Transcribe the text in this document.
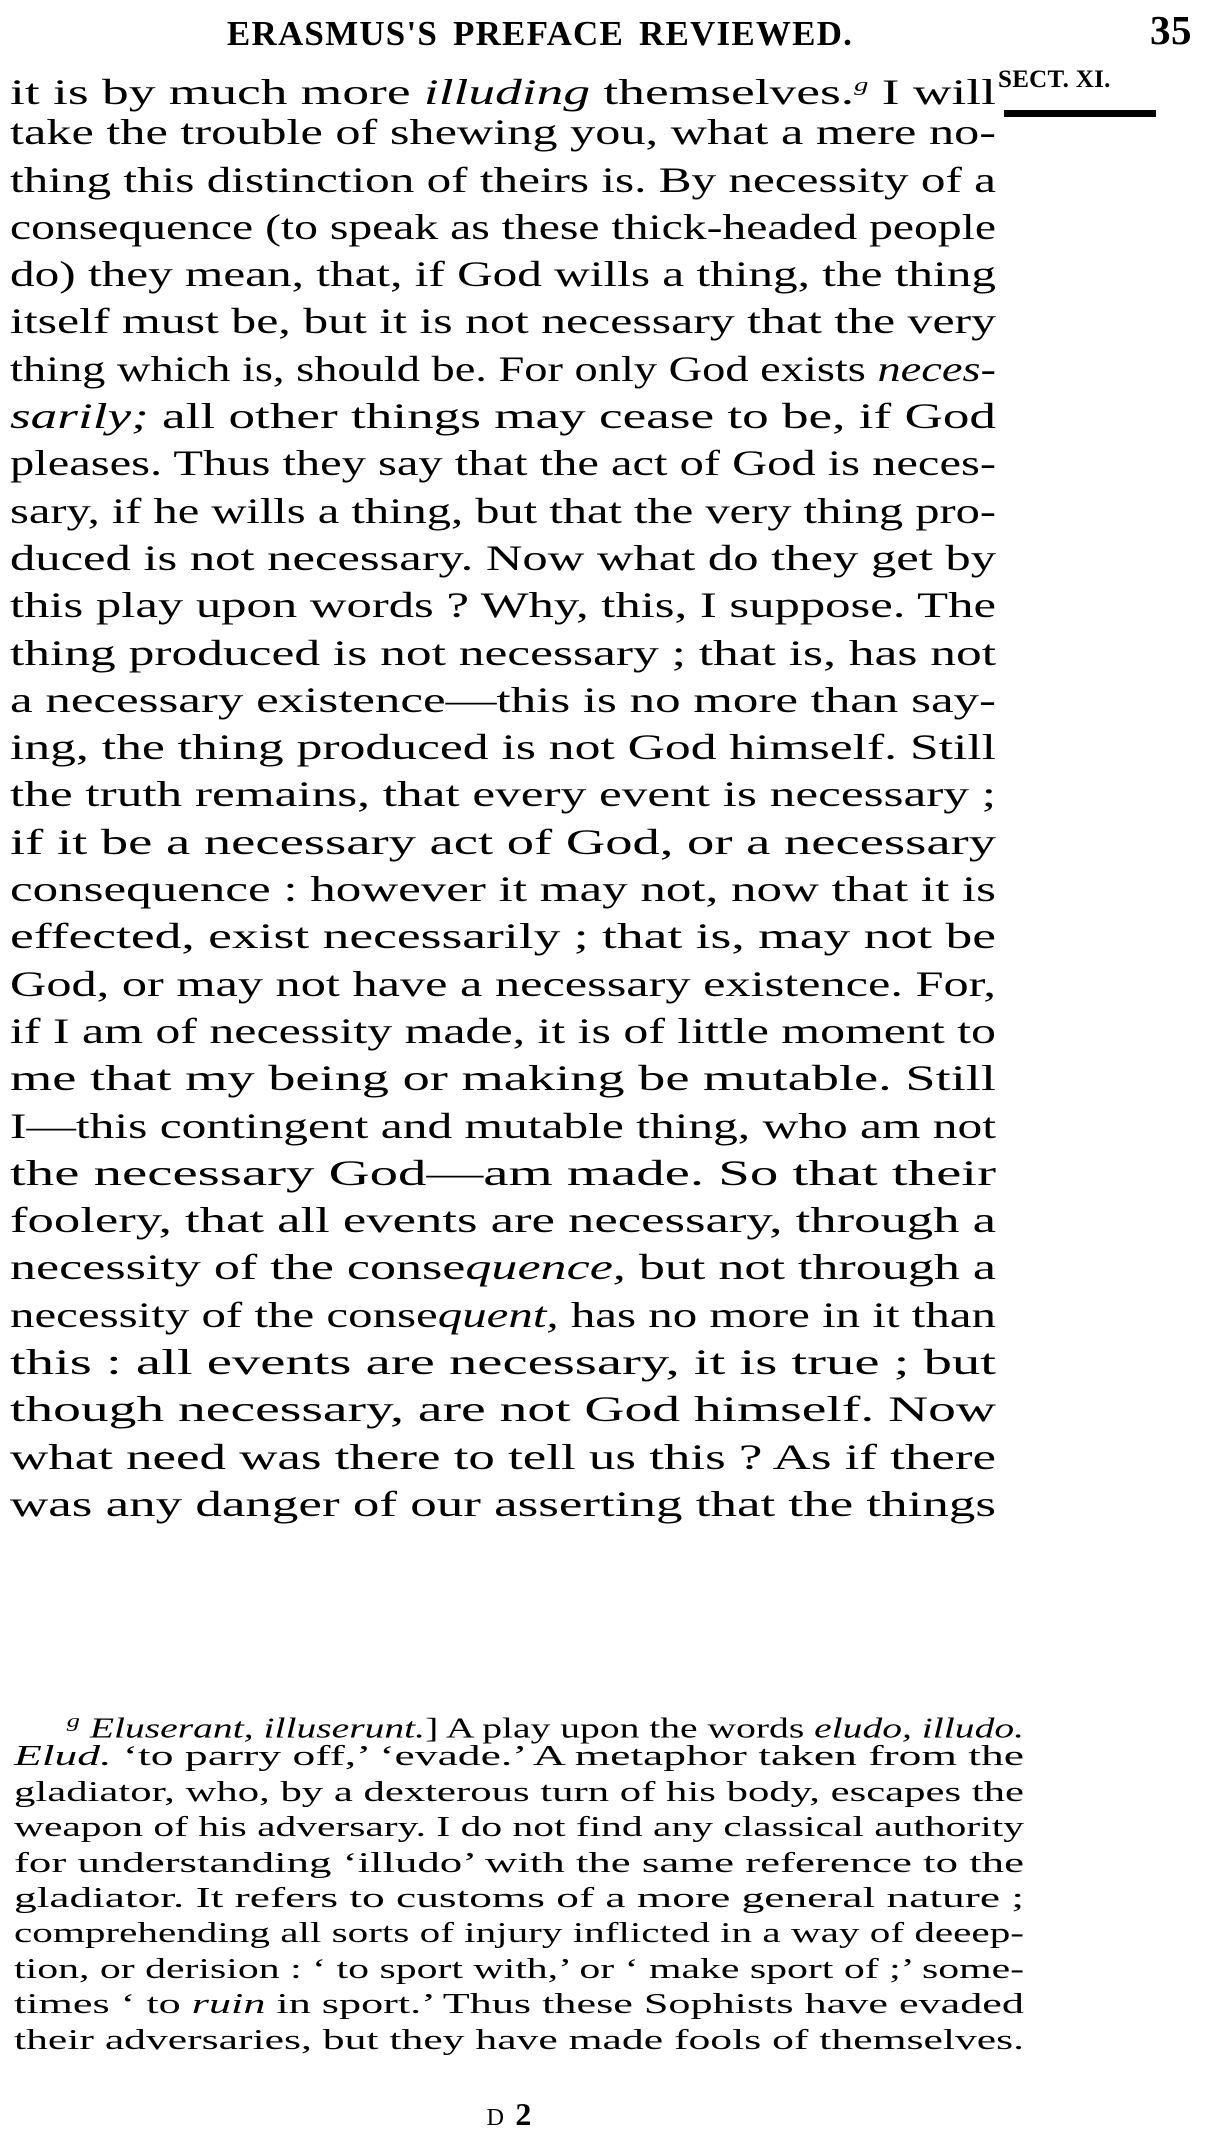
ERASMUS'S PREFACE REVIEWED.	35
SECT. XI.
it is by much more illuding themselves.$^g$ I will
take the trouble of shewing you, what a mere no-
thing this distinction of theirs is. By necessity of a
consequence (to speak as these thick-headed people
do) they mean, that, if God wills a thing, the thing
itself must be, but it is not necessary that the very
thing which is, should be. For only God exists neces-
sarily; all other things may cease to be, if God
pleases. Thus they say that the act of God is neces-
sary, if he wills a thing, but that the very thing pro-
duced is not necessary. Now what do they get by
this play upon words ? Why, this, I suppose. The
thing produced is not necessary ; that is, has not
a necessary existence—this is no more than say-
ing, the thing produced is not God himself. Still
the truth remains, that every event is necessary ;
if it be a necessary act of God, or a necessary
consequence : however it may not, now that it is
effected, exist necessarily ; that is, may not be
God, or may not have a necessary existence. For,
if I am of necessity made, it is of little moment to
me that my being or making be mutable. Still
I—this contingent and mutable thing, who am not
the necessary God—am made. So that their
foolery, that all events are necessary, through a
necessity of the consequence, but not through a
necessity of the consequent, has no more in it than
this : all events are necessary, it is true ; but
though necessary, are not God himself. Now
what need was there to tell us this ? As if there
was any danger of our asserting that the things
$^g$ Eluserant, illuserunt.] A play upon the words eludo, illudo.
Elud. ‘to parry off,’ ‘evade.’ A metaphor taken from the
gladiator, who, by a dexterous turn of his body, escapes the
weapon of his adversary. I do not find any classical authority
for understanding ‘illudo’ with the same reference to the
gladiator. It refers to customs of a more general nature ;
comprehending all sorts of injury inflicted in a way of deeep-
tion, or derision : ‘ to sport with,’ or ‘ make sport of ;’ some-
times ‘ to ruin in sport.’ Thus these Sophists have evaded
their adversaries, but they have made fools of themselves.
D 2
